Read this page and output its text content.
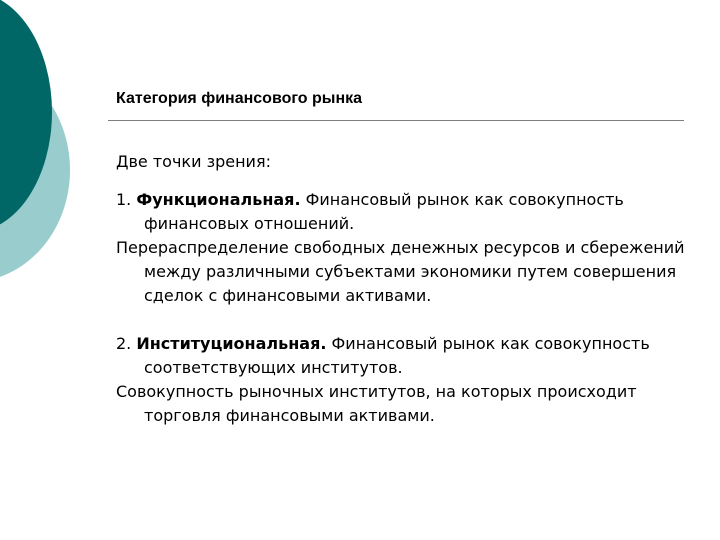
Категория финансового рынка

Две точки зрения:

1. Функциональная. Финансовый рынок как совокупность финансовых отношений.

Перераспределение свободных денежных ресурсов и сбережений между различными субъектами экономики путем совершения сделок с финансовыми активами.

2. Институциональная. Финансовый рынок как совокупность соответствующих институтов.

Совокупность рыночных институтов, на которых происходит торговля финансовыми активами.
